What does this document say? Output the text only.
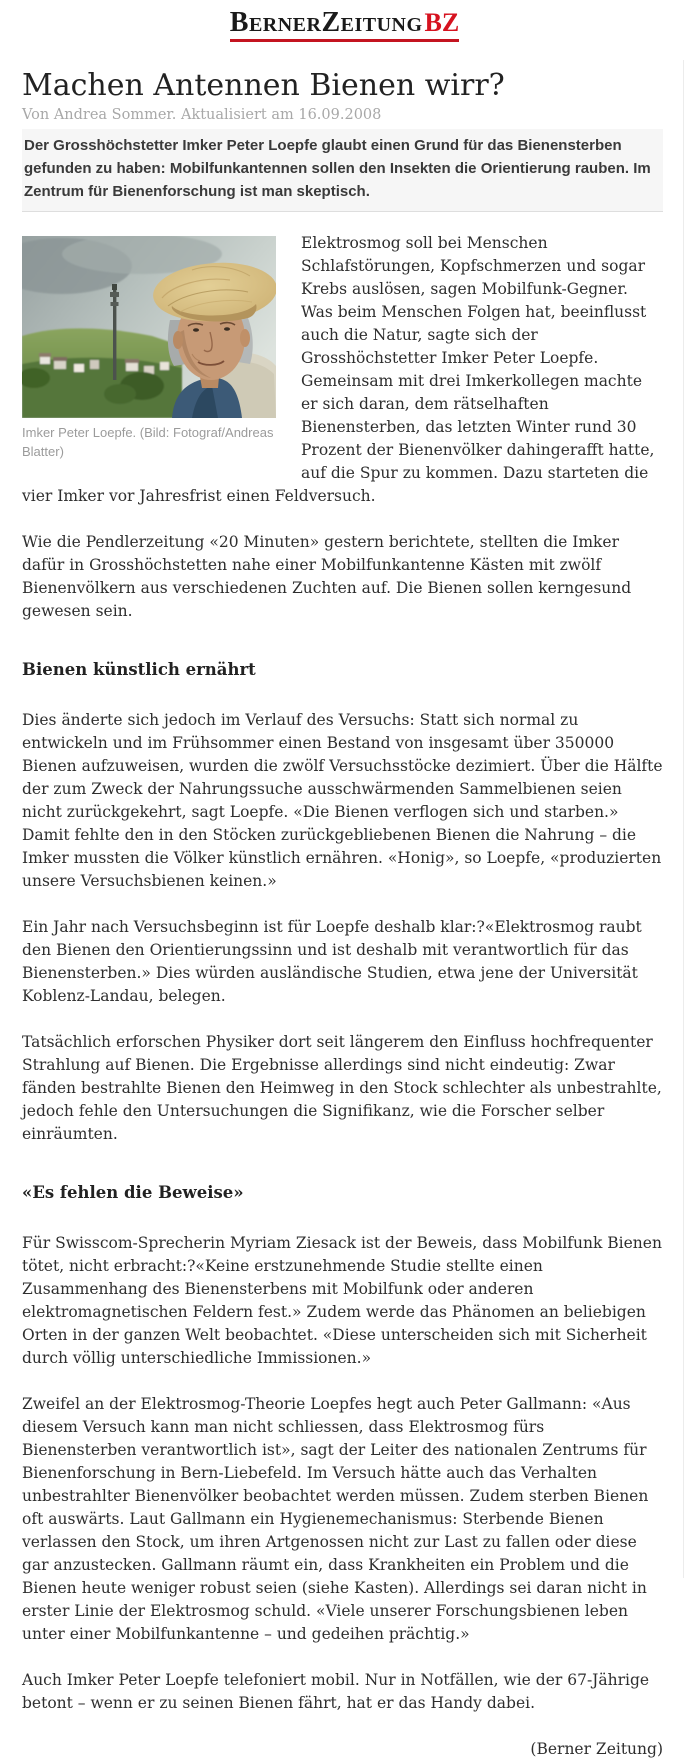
BernerZeitungBZ
Machen Antennen Bienen wirr?

Von Andrea Sommer. Aktualisiert am 16.09.2008

Der Grosshöchstetter Imker Peter Loepfe glaubt einen Grund für das Bienensterben gefunden zu haben: Mobilfunkantennen sollen den Insekten die Orientierung rauben. Im Zentrum für Bienenforschung ist man skeptisch.

Imker Peter Loepfe. (Bild: Fotograf/Andreas Blatter)

Elektrosmog soll bei Menschen Schlafstörungen, Kopfschmerzen und sogar Krebs auslösen, sagen Mobilfunk-Gegner. Was beim Menschen Folgen hat, beeinflusst auch die Natur, sagte sich der Grosshöchstetter Imker Peter Loepfe. Gemeinsam mit drei Imkerkollegen machte er sich daran, dem rätselhaften Bienensterben, das letzten Winter rund 30 Prozent der Bienenvölker dahingerafft hatte, auf die Spur zu kommen. Dazu starteten die vier Imker vor Jahresfrist einen Feldversuch.

Wie die Pendlerzeitung «20 Minuten» gestern berichtete, stellten die Imker dafür in Grosshöchstetten nahe einer Mobilfunkantenne Kästen mit zwölf Bienenvölkern aus verschiedenen Zuchten auf. Die Bienen sollen kerngesund gewesen sein.

Bienen künstlich ernährt

Dies änderte sich jedoch im Verlauf des Versuchs: Statt sich normal zu entwickeln und im Frühsommer einen Bestand von insgesamt über 350000 Bienen aufzuweisen, wurden die zwölf Versuchsstöcke dezimiert. Über die Hälfte der zum Zweck der Nahrungssuche ausschwärmenden Sammelbienen seien nicht zurückgekehrt, sagt Loepfe. «Die Bienen verflogen sich und starben.» Damit fehlte den in den Stöcken zurückgebliebenen Bienen die Nahrung – die Imker mussten die Völker künstlich ernähren. «Honig», so Loepfe, «produzierten unsere Versuchsbienen keinen.»

Ein Jahr nach Versuchsbeginn ist für Loepfe deshalb klar:?«Elektrosmog raubt den Bienen den Orientierungssinn und ist deshalb mit verantwortlich für das Bienensterben.» Dies würden ausländische Studien, etwa jene der Universität Koblenz-Landau, belegen.

Tatsächlich erforschen Physiker dort seit längerem den Einfluss hochfrequenter Strahlung auf Bienen. Die Ergebnisse allerdings sind nicht eindeutig: Zwar fänden bestrahlte Bienen den Heimweg in den Stock schlechter als unbestrahlte, jedoch fehle den Untersuchungen die Signifikanz, wie die Forscher selber einräumten.

«Es fehlen die Beweise»

Für Swisscom-Sprecherin Myriam Ziesack ist der Beweis, dass Mobilfunk Bienen tötet, nicht erbracht:?«Keine erstzunehmende Studie stellte einen Zusammenhang des Bienensterbens mit Mobilfunk oder anderen elektromagnetischen Feldern fest.» Zudem werde das Phänomen an beliebigen Orten in der ganzen Welt beobachtet. «Diese unterscheiden sich mit Sicherheit durch völlig unterschiedliche Immissionen.»

Zweifel an der Elektrosmog-Theorie Loepfes hegt auch Peter Gallmann: «Aus diesem Versuch kann man nicht schliessen, dass Elektrosmog fürs Bienensterben verantwortlich ist», sagt der Leiter des nationalen Zentrums für Bienenforschung in Bern-Liebefeld. Im Versuch hätte auch das Verhalten unbestrahlter Bienenvölker beobachtet werden müssen. Zudem sterben Bienen oft auswärts. Laut Gallmann ein Hygienemechanismus: Sterbende Bienen verlassen den Stock, um ihren Artgenossen nicht zur Last zu fallen oder diese gar anzustecken. Gallmann räumt ein, dass Krankheiten ein Problem und die Bienen heute weniger robust seien (siehe Kasten). Allerdings sei daran nicht in erster Linie der Elektrosmog schuld. «Viele unserer Forschungsbienen leben unter einer Mobilfunkantenne – und gedeihen prächtig.»

Auch Imker Peter Loepfe telefoniert mobil. Nur in Notfällen, wie der 67-Jährige betont – wenn er zu seinen Bienen fährt, hat er das Handy dabei.

(Berner Zeitung)
